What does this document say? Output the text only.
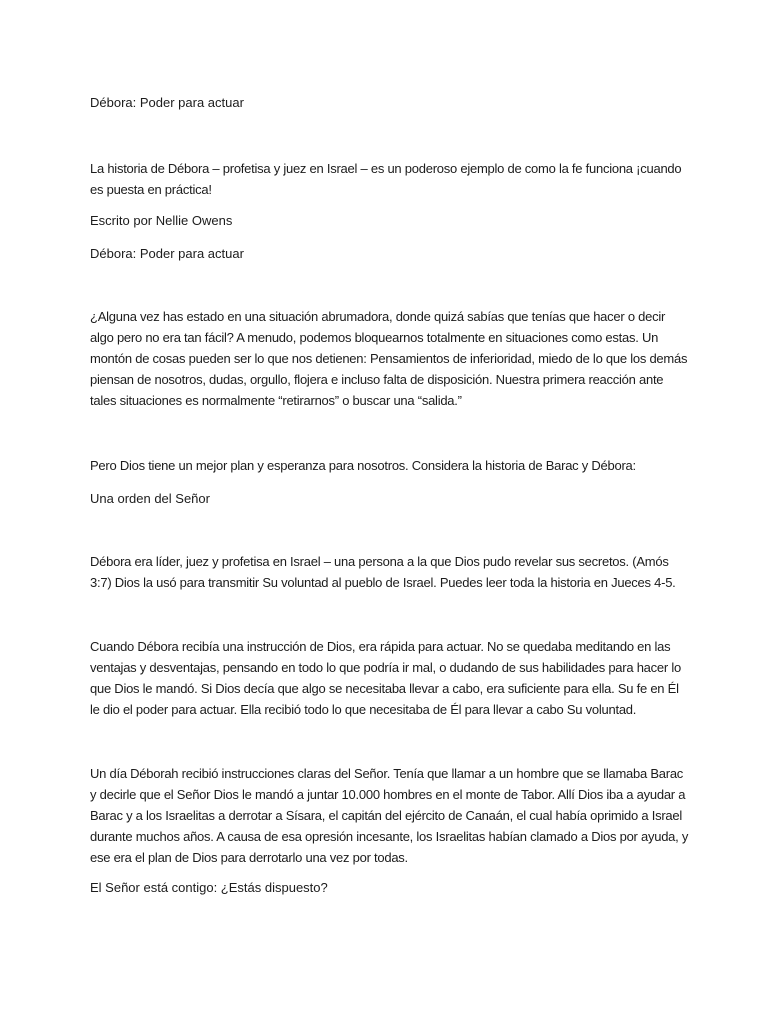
Débora: Poder para actuar

La historia de Débora – profetisa y juez en Israel – es un poderoso ejemplo de como la fe funciona ¡cuando es puesta en práctica!

Escrito por Nellie Owens
Débora: Poder para actuar

¿Alguna vez has estado en una situación abrumadora, donde quizá sabías que tenías que hacer o decir algo pero no era tan fácil? A menudo, podemos bloquearnos totalmente en situaciones como estas. Un montón de cosas pueden ser lo que nos detienen: Pensamientos de inferioridad, miedo de lo que los demás piensan de nosotros, dudas, orgullo, flojera e incluso falta de disposición. Nuestra primera reacción ante tales situaciones es normalmente “retirarnos” o buscar una “salida.”

Pero Dios tiene un mejor plan y esperanza para nosotros. Considera la historia de Barac y Débora:

Una orden del Señor

Débora era líder, juez y profetisa en Israel – una persona a la que Dios pudo revelar sus secretos. (Amós 3:7) Dios la usó para transmitir Su voluntad al pueblo de Israel. Puedes leer toda la historia en Jueces 4-5.

Cuando Débora recibía una instrucción de Dios, era rápida para actuar. No se quedaba meditando en las ventajas y desventajas, pensando en todo lo que podría ir mal, o dudando de sus habilidades para hacer lo que Dios le mandó. Si Dios decía que algo se necesitaba llevar a cabo, era suficiente para ella. Su fe en Él le dio el poder para actuar. Ella recibió todo lo que necesitaba de Él para llevar a cabo Su voluntad.

Un día Déborah recibió instrucciones claras del Señor. Tenía que llamar a un hombre que se llamaba Barac y decirle que el Señor Dios le mandó a juntar 10.000 hombres en el monte de Tabor. Allí Dios iba a ayudar a Barac y a los Israelitas a derrotar a Sísara, el capitán del ejército de Canaán, el cual había oprimido a Israel durante muchos años. A causa de esa opresión incesante, los Israelitas habían clamado a Dios por ayuda, y ese era el plan de Dios para derrotarlo una vez por todas.

El Señor está contigo: ¿Estás dispuesto?
